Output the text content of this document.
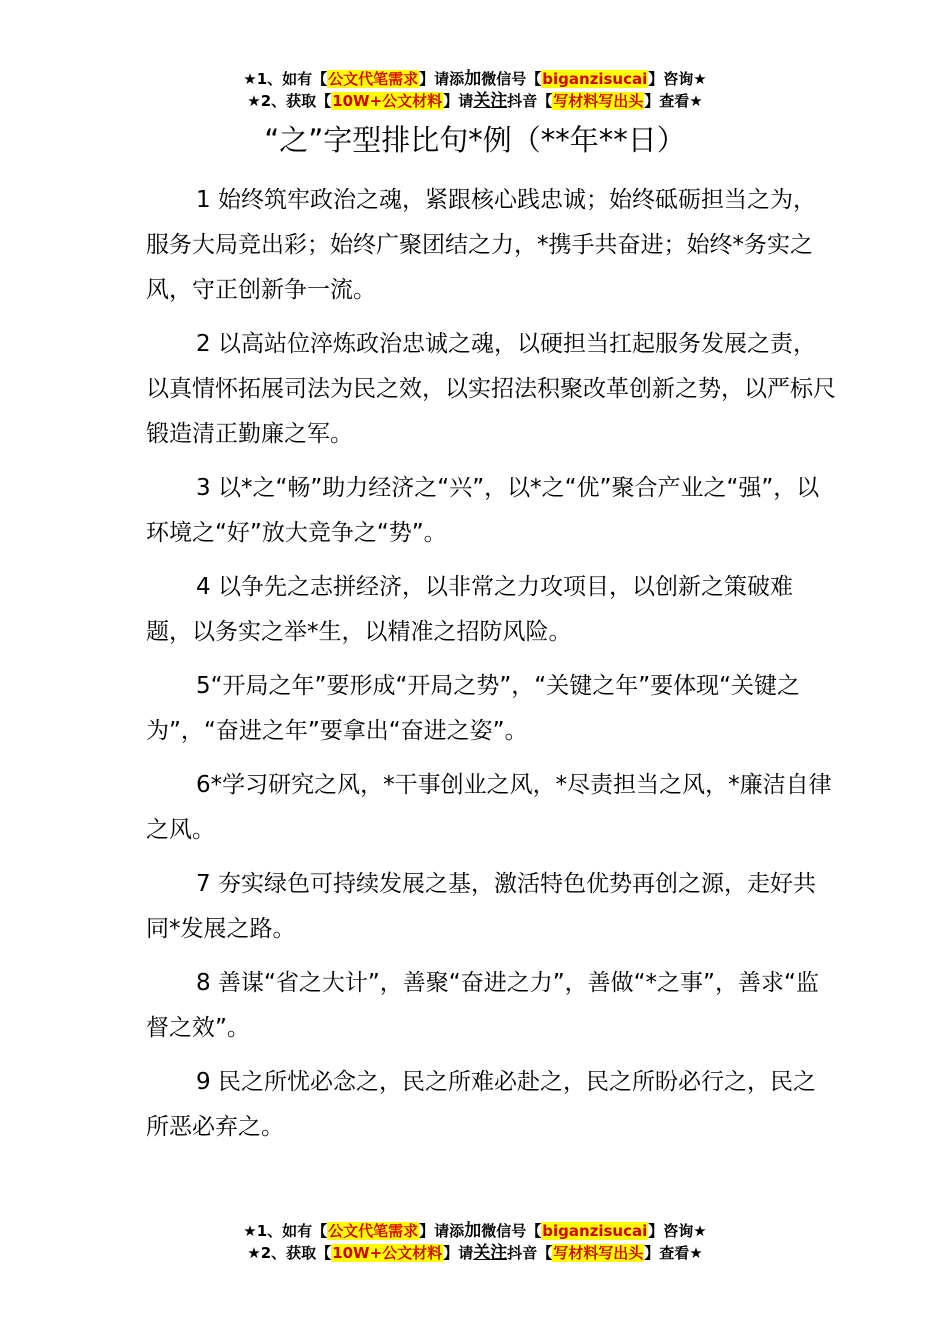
★1、如有【公文代笔需求】请添加微信号【biganzisucai】咨询★
★2、获取【10W+公文材料】请关注抖音【写材料写出头】查看★
“之”字型排比句*例（**年**日）

1 始终筑牢政治之魂，紧跟核心践忠诚；始终砥砺担当之为，服务大局竞出彩；始终广聚团结之力，*携手共奋进；始终*务实之风，守正创新争一流。

2 以高站位淬炼政治忠诚之魂，以硬担当扛起服务发展之责，以真情怀拓展司法为民之效，以实招法积聚改革创新之势，以严标尺锻造清正勤廉之军。

3 以*之“畅”助力经济之“兴”，以*之“优”聚合产业之“强”，以环境之“好”放大竞争之“势”。

4 以争先之志拼经济，以非常之力攻项目，以创新之策破难题，以务实之举*生，以精准之招防风险。

5“开局之年”要形成“开局之势”，“关键之年”要体现“关键之为”，“奋进之年”要拿出“奋进之姿”。

6*学习研究之风，*干事创业之风，*尽责担当之风，*廉洁自律之风。

7 夯实绿色可持续发展之基，激活特色优势再创之源，走好共同*发展之路。

8 善谋“省之大计”，善聚“奋进之力”，善做“*之事”，善求“监督之效”。

9 民之所忧必念之，民之所难必赴之，民之所盼必行之，民之所恶必弃之。

★1、如有【公文代笔需求】请添加微信号【biganzisucai】咨询★
★2、获取【10W+公文材料】请关注抖音【写材料写出头】查看★
